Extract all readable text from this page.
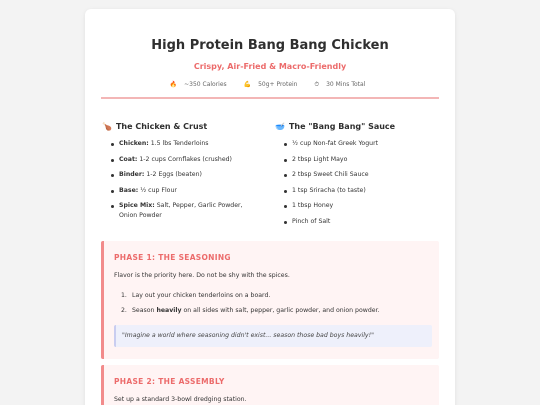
High Protein Bang Bang Chicken
Crispy, Air-Fried & Macro-Friendly
🔥 ~350 Calories	💪 50g+ Protein	⏱ 30 Mins Total
🍗 The Chicken & Crust
Chicken: 1.5 lbs Tenderloins
Coat: 1-2 cups Cornflakes (crushed)
Binder: 1-2 Eggs (beaten)
Base: ½ cup Flour
Spice Mix: Salt, Pepper, Garlic Powder, Onion Powder
🥣 The "Bang Bang" Sauce
½ cup Non-fat Greek Yogurt
2 tbsp Light Mayo
2 tbsp Sweet Chili Sauce
1 tsp Sriracha (to taste)
1 tbsp Honey
Pinch of Salt
PHASE 1: THE SEASONING

Flavor is the priority here. Do not be shy with the spices.

1. Lay out your chicken tenderloins on a board.
2. Season heavily on all sides with salt, pepper, garlic powder, and onion powder.
"Imagine a world where seasoning didn't exist... season those bad boys heavily!"
PHASE 2: THE ASSEMBLY

Set up a standard 3-bowl dredging station.
